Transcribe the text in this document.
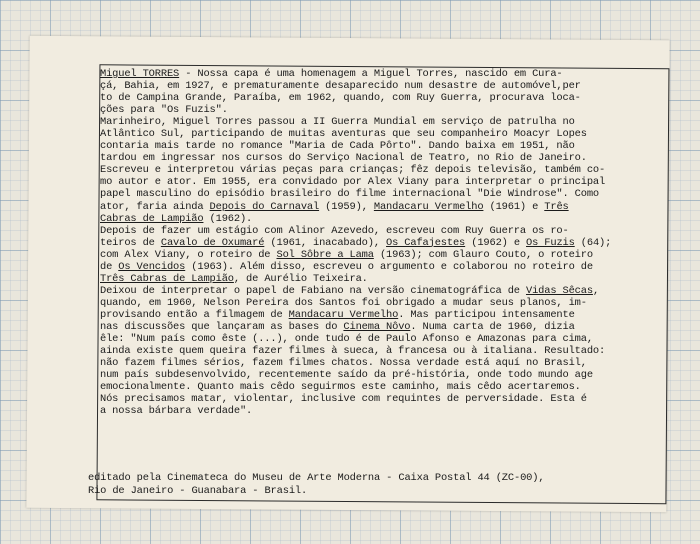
Miguel TORRES - Nossa capa é uma homenagem a Miguel Torres, nascido em Cura-
çá, Bahia, em 1927, e prematuramente desaparecido num desastre de automóvel,per
to de Campina Grande, Paraíba, em 1962, quando, com Ruy Guerra, procurava loca-
ções para "Os Fuzis".
Marinheiro, Miguel Torres passou a II Guerra Mundial em serviço de patrulha no
Atlântico Sul, participando de muitas aventuras que seu companheiro Moacyr Lopes
contaria mais tarde no romance "Maria de Cada Pôrto". Dando baixa em 1951, não
tardou em ingressar nos cursos do Serviço Nacional de Teatro, no Rio de Janeiro.
Escreveu e interpretou várias peças para crianças; fêz depois televisão, também co-
mo autor e ator. Em 1955, era convidado por Alex Viany para interpretar o principal
papel masculino do episódio brasileiro do filme internacional "Die Windrose". Como
ator, faria ainda Depois do Carnaval (1959), Mandacaru Vermelho (1961) e Três
Cabras de Lampião (1962).
Depois de fazer um estágio com Alinor Azevedo, escreveu com Ruy Guerra os ro-
teiros de Cavalo de Oxumaré (1961, inacabado), Os Cafajestes (1962) e Os Fuzis (64);
com Alex Viany, o roteiro de Sol Sôbre a Lama (1963); com Glauro Couto, o roteiro
de Os Vencidos (1963). Além disso, escreveu o argumento e colaborou no roteiro de
Três Cabras de Lampião, de Aurélio Teixeira.
Deixou de interpretar o papel de Fabiano na versão cinematográfica de Vidas Sêcas,
quando, em 1960, Nelson Pereira dos Santos foi obrigado a mudar seus planos, im-
provisando então a filmagem de Mandacaru Vermelho. Mas participou intensamente
nas discussões que lançaram as bases do Cinema Nôvo. Numa carta de 1960, dizia
êle: "Num país como êste (...), onde tudo é de Paulo Afonso e Amazonas para cima,
ainda existe quem queira fazer filmes à sueca, à francesa ou à italiana. Resultado:
não fazem filmes sérios, fazem filmes chatos. Nossa verdade está aquí no Brasil,
num país subdesenvolvido, recentemente saído da pré-história, onde todo mundo age
emocionalmente. Quanto mais cêdo seguirmos este caminho, mais cêdo acertaremos.
Nós precisamos matar, violentar, inclusive com requintes de perversidade. Esta é
a nossa bárbara verdade".
editado pela Cinemateca do Museu de Arte Moderna - Caixa Postal 44 (ZC-00),
Rio de Janeiro - Guanabara - Brasil.
